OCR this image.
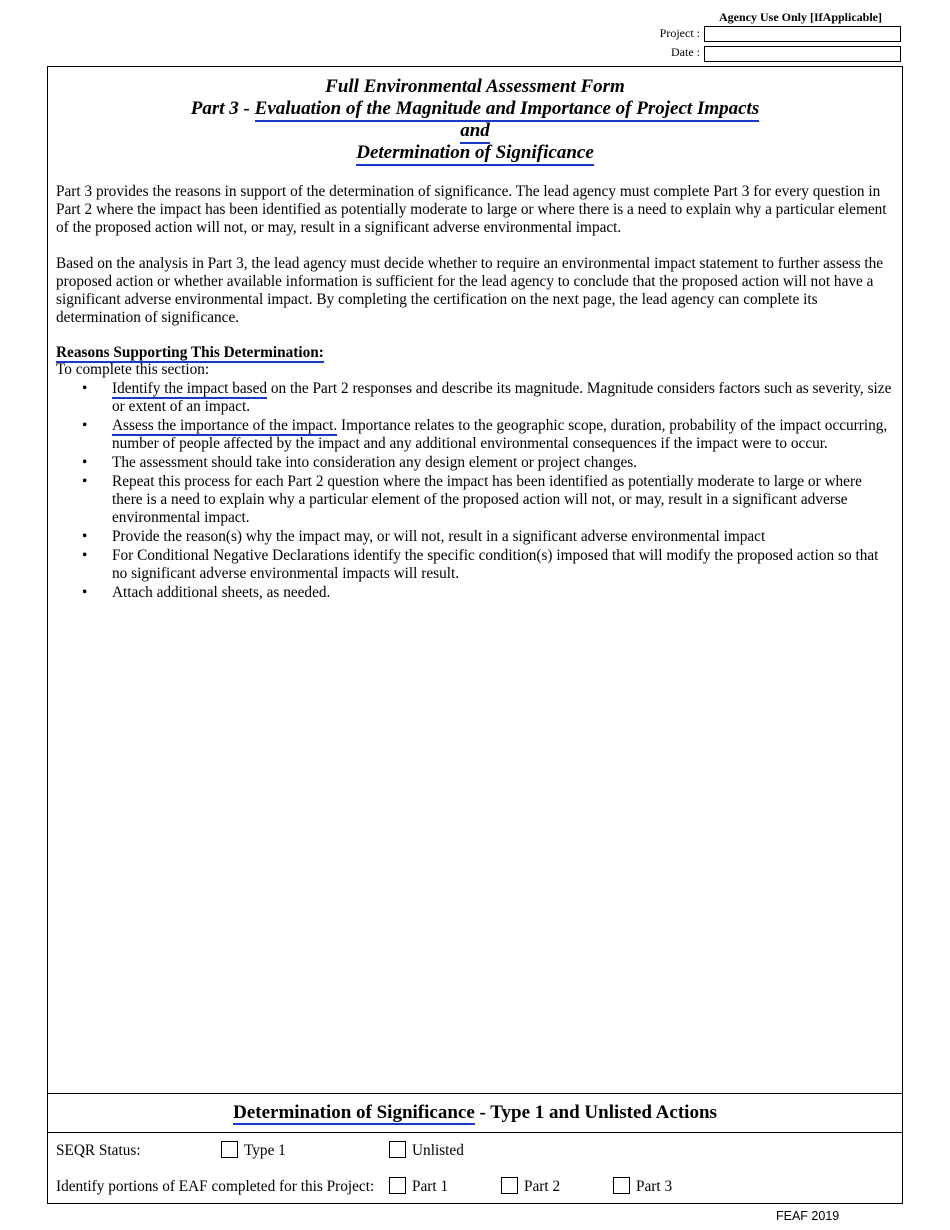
Agency Use Only [IfApplicable]
Project :
Date :
Full Environmental Assessment Form
Part 3 - Evaluation of the Magnitude and Importance of Project Impacts
and
Determination of Significance
Part 3 provides the reasons in support of the determination of significance. The lead agency must complete Part 3 for every question in Part 2 where the impact has been identified as potentially moderate to large or where there is a need to explain why a particular element of the proposed action will not, or may, result in a significant adverse environmental impact.
Based on the analysis in Part 3, the lead agency must decide whether to require an environmental impact statement to further assess the proposed action or whether available information is sufficient for the lead agency to conclude that the proposed action will not have a significant adverse environmental impact. By completing the certification on the next page, the lead agency can complete its determination of significance.
Reasons Supporting This Determination:
To complete this section:
• Identify the impact based on the Part 2 responses and describe its magnitude. Magnitude considers factors such as severity, size or extent of an impact.
• Assess the importance of the impact. Importance relates to the geographic scope, duration, probability of the impact occurring, number of people affected by the impact and any additional environmental consequences if the impact were to occur.
• The assessment should take into consideration any design element or project changes.
• Repeat this process for each Part 2 question where the impact has been identified as potentially moderate to large or where there is a need to explain why a particular element of the proposed action will not, or may, result in a significant adverse environmental impact.
• Provide the reason(s) why the impact may, or will not, result in a significant adverse environmental impact
• For Conditional Negative Declarations identify the specific condition(s) imposed that will modify the proposed action so that no significant adverse environmental impacts will result.
• Attach additional sheets, as needed.
Determination of Significance - Type 1 and Unlisted Actions
SEQR Status:	Type 1	Unlisted
Identify portions of EAF completed for this Project:	Part 1	Part 2	Part 3
FEAF 2019
